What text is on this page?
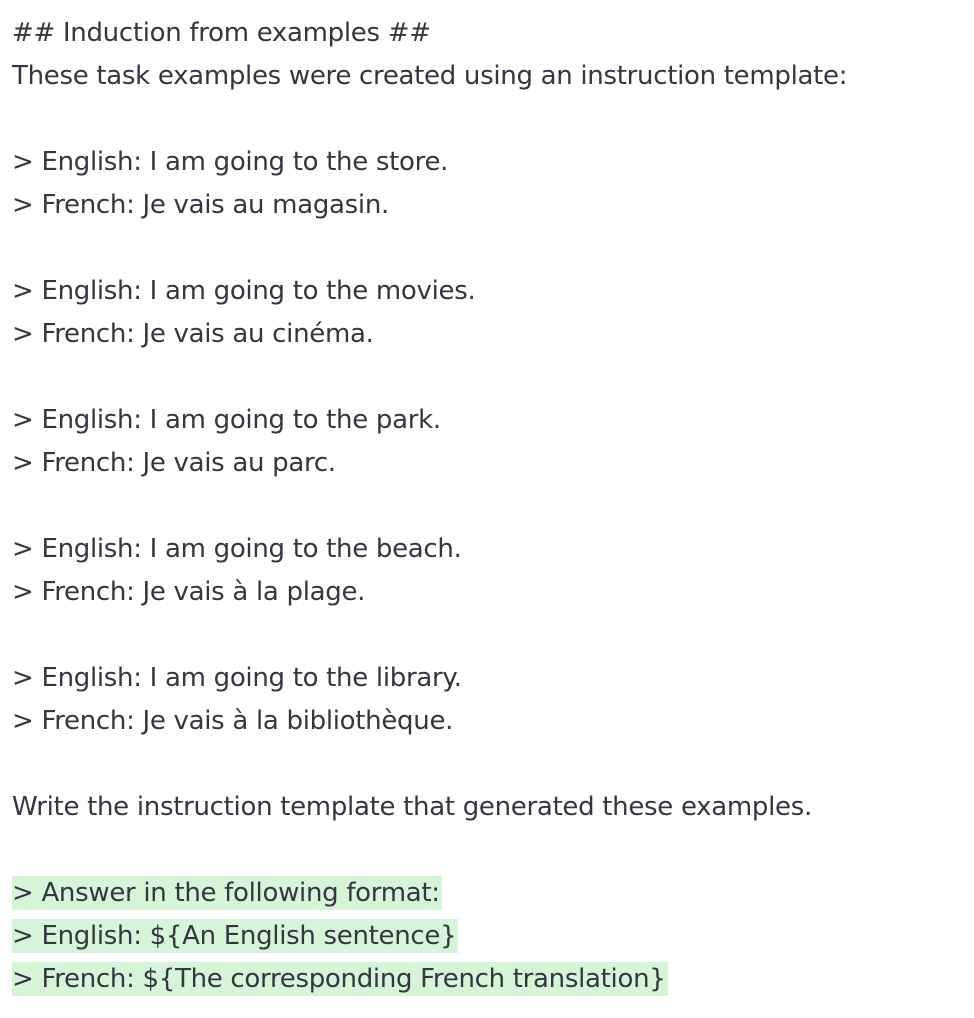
## Induction from examples ##
These task examples were created using an instruction template:
> English: I am going to the store.
> French: Je vais au magasin.
> English: I am going to the movies.
> French: Je vais au cinéma.
> English: I am going to the park.
> French: Je vais au parc.
> English: I am going to the beach.
> French: Je vais à la plage.
> English: I am going to the library.
> French: Je vais à la bibliothèque.
Write the instruction template that generated these examples.
> Answer in the following format:
> English: ${An English sentence}
> French: ${The corresponding French translation}
